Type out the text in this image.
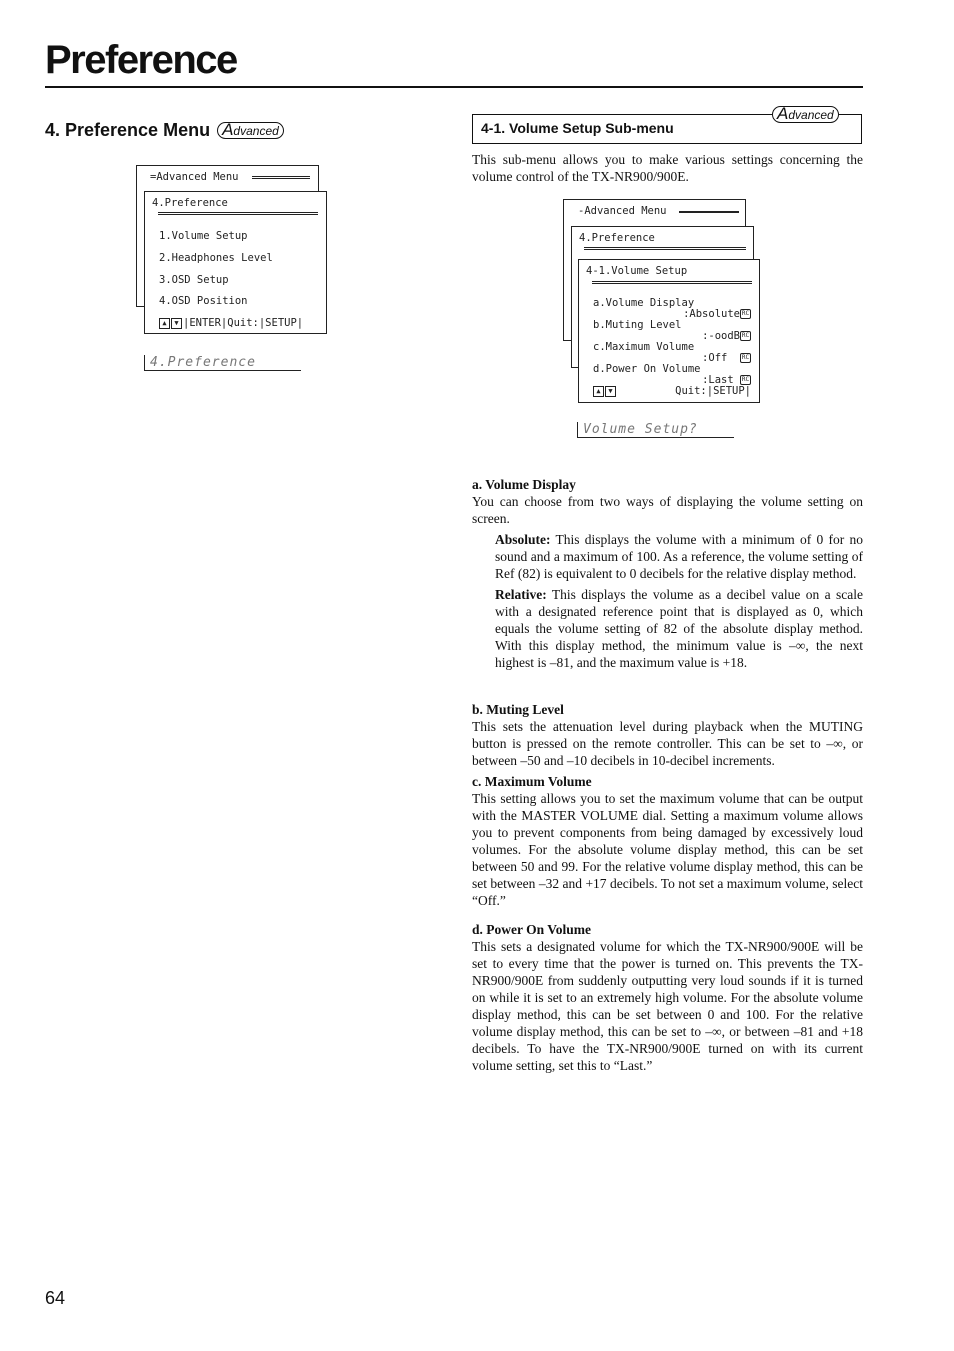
Preference
4. Preference Menu Advanced
=Advanced Menu
4.Preference
1.Volume Setup
2.Headphones Level
3.OSD Setup
4.OSD Position
▲ ▼ |ENTER|Quit:|SETUP|
4.Preference
4-1. Volume Setup Sub-menu
Advanced
This sub-menu allows you to make various settings concerning the volume control of the TX-NR900/900E.
-Advanced Menu
4.Preference
4-1.Volume Setup
a.Volume Display
:Absolute RC
b.Muting Level
:-oodB RC
c.Maximum Volume
:Off RC
d.Power On Volume
:Last RC
▲ ▼	Quit:|SETUP|
Volume Setup?
a. Volume Display
You can choose from two ways of displaying the volume setting on screen.
Absolute: This displays the volume with a minimum of 0 for no sound and a maximum of 100. As a reference, the volume setting of Ref (82) is equivalent to 0 decibels for the relative display method.
Relative: This displays the volume as a decibel value on a scale with a designated reference point that is displayed as 0, which equals the volume setting of 82 of the absolute display method. With this display method, the minimum value is –∞, the next highest is –81, and the maximum value is +18.
b. Muting Level
This sets the attenuation level during playback when the MUTING button is pressed on the remote controller. This can be set to –∞, or between –50 and –10 decibels in 10-decibel increments.
c. Maximum Volume
This setting allows you to set the maximum volume that can be output with the MASTER VOLUME dial. Setting a maximum volume allows you to prevent components from being damaged by excessively loud volumes. For the absolute volume display method, this can be set between 50 and 99. For the relative volume display method, this can be set between –32 and +17 decibels. To not set a maximum volume, select “Off.”
d. Power On Volume
This sets a designated volume for which the TX-NR900/900E will be set to every time that the power is turned on. This prevents the TX-NR900/900E from suddenly outputting very loud sounds if it is turned on while it is set to an extremely high volume. For the absolute volume display method, this can be set between 0 and 100. For the relative volume display method, this can be set to –∞, or between –81 and +18 decibels. To have the TX-NR900/900E turned on with its current volume setting, set this to “Last.”
64
